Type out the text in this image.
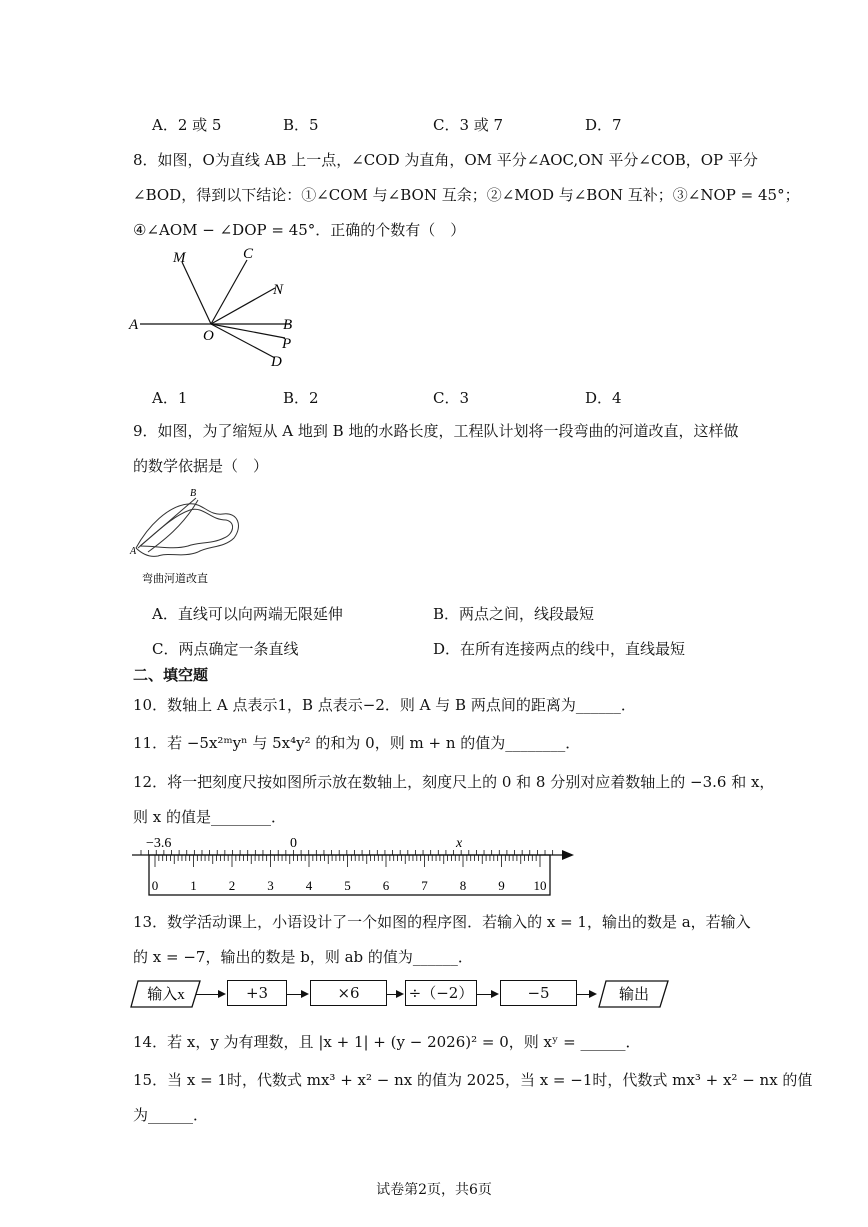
A．2 或 5	B．5	C．3 或 7	D．7
8．如图，O为直线 AB 上一点，∠COD 为直角，OM 平分∠AOC,ON 平分∠COB，OP 平分
∠BOD，得到以下结论：①∠COM 与∠BON 互余；②∠MOD 与∠BON 互补；③∠NOP = 45°；
④∠AOM − ∠DOP = 45°．正确的个数有（　）
M	C
N
A
O
B
P
D
A．1	B．2	C．3	D．4
9．如图，为了缩短从 A 地到 B 地的水路长度，工程队计划将一段弯曲的河道改直，这样做
的数学依据是（　）
B
A
弯曲河道改直
A．直线可以向两端无限延伸	B．两点之间，线段最短
C．两点确定一条直线	D．在所有连接两点的线中，直线最短
二、填空题
10．数轴上 A 点表示1，B 点表示−2．则 A 与 B 两点间的距离为______．
11．若 −5x²ᵐyⁿ 与 5x⁴y² 的和为 0，则 m + n 的值为________．
12．将一把刻度尺按如图所示放在数轴上，刻度尺上的 0 和 8 分别对应着数轴上的 −3.6 和 x，
则 x 的值是________．
−3.6	0	x
0 1 2 3 4 5 6 7 8 9 10
13．数学活动课上，小语设计了一个如图的程序图．若输入的 x = 1，输出的数是 a，若输入
的 x = −7，输出的数是 b，则 ab 的值为______．
输入x	+3	×6	÷（−2）	−5	输出
14．若 x，y 为有理数，且 |x + 1| + (y − 2026)² = 0，则 xʸ = ______．
15．当 x = 1时，代数式 mx³ + x² − nx 的值为 2025，当 x = −1时，代数式 mx³ + x² − nx 的值
为______．
试卷第2页，共6页
